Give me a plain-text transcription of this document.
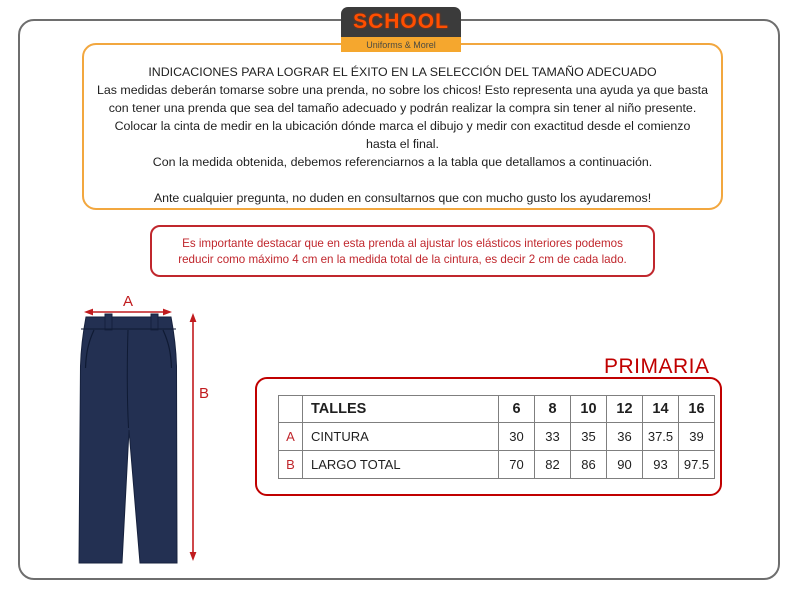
SCHOOL
Uniforms & Morel
INDICACIONES PARA LOGRAR EL ÉXITO EN LA SELECCIÓN DEL TAMAÑO ADECUADO
Las medidas deberán tomarse sobre una prenda, no sobre los chicos! Esto representa una ayuda ya que basta
con tener una prenda que sea del tamaño adecuado y podrán realizar la compra sin tener al niño presente.
Colocar la cinta de medir en la ubicación dónde marca el dibujo y medir con exactitud desde el comienzo
hasta el final.
Con la medida obtenida, debemos referenciarnos a la tabla que detallamos a continuación.
Ante cualquier pregunta, no duden en consultarnos que con mucho gusto los ayudaremos!
Es importante destacar que en esta prenda al ajustar los elásticos interiores podemos
reducir como máximo 4 cm en la medida total de la cintura, es decir 2 cm de cada lado.
A
B
PRIMARIA
	TALLES	6	8	10	12	14	16
A	CINTURA	30	33	35	36	37.5	39
B	LARGO TOTAL	70	82	86	90	93	97.5
